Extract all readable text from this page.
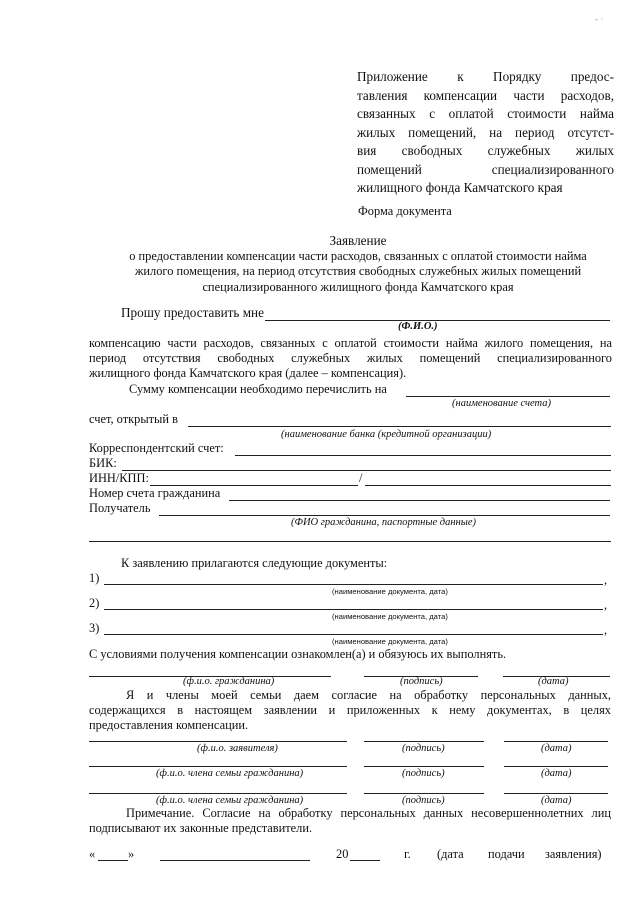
‐ ·
Приложение к Порядку предос-
тавления компенсации части расходов,
связанных с оплатой стоимости найма
жилых помещений, на период отсутст-
вия свободных служебных жилых
помещений специализированного
жилищного фонда Камчатского края
Форма документа
Заявление
о предоставлении компенсации части расходов, связанных с оплатой стоимости найма
жилого помещения, на период отсутствия свободных служебных жилых помещений
специализированного жилищного фонда Камчатского края
Прошу предоставить мне
(Ф.И.О.)
компенсацию части расходов, связанных с оплатой стоимости найма жилого помещения, на
период отсутствия свободных служебных жилых помещений специализированного
жилищного фонда Камчатского края (далее – компенсация).
Сумму компенсации необходимо перечислить на
(наименование счета)
счет, открытый в
(наименование банка (кредитной организации)
Корреспондентский счет:
БИК:
ИНН/КПП:	/
Номер счета гражданина
Получатель
(ФИО гражданина, паспортные данные)
К заявлению прилагаются следующие документы:
1)	,
(наименование документа, дата)
2)	,
(наименование документа, дата)
3)	,
(наименование документа, дата)
С условиями получения компенсации ознакомлен(а) и обязуюсь их выполнять.
(ф.и.о. гражданина)	(подпись)	(дата)
Я и члены моей семьи даем согласие на обработку персональных данных,
содержащихся в настоящем заявлении и приложенных к нему документах, в целях
предоставления компенсации.
(ф.и.о. заявителя)	(подпись)	(дата)
(ф.и.о. члена семьи гражданина)	(подпись)	(дата)
(ф.и.о. члена семьи гражданина)	(подпись)	(дата)
Примечание. Согласие на обработку персональных данных несовершеннолетних лиц
подписывают их законные представители.
«	»	20	г. (дата подачи заявления)
